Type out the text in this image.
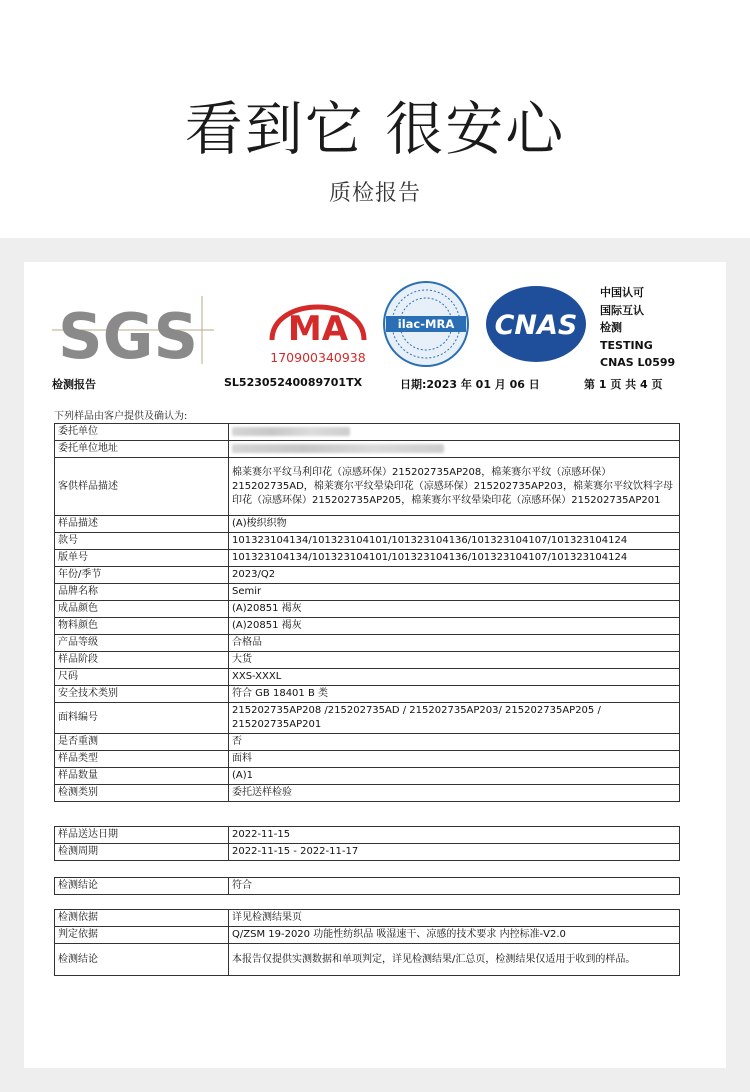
看到它 很安心
质检报告
SGS	MA
170900340938
ilac-MRA CNAS
中国认可
国际互认
检测
TESTING
CNAS L0599
检测报告	SL52305240089701TX	日期:2023 年 01 月 06 日	第 1 页 共 4 页
下列样品由客户提供及确认为:
委托单位	
委托单位地址	
客供样品描述	棉莱赛尔平纹马利印花（凉感环保）215202735AP208，棉莱赛尔平纹（凉感环保）215202735AD，棉莱赛尔平纹晕染印花（凉感环保）215202735AP203，棉莱赛尔平纹饮料字母印花（凉感环保）215202735AP205，棉莱赛尔平纹晕染印花（凉感环保）215202735AP201
样品描述	(A)梭织织物
款号	101323104134/101323104101/101323104136/101323104107/101323104124
版单号	101323104134/101323104101/101323104136/101323104107/101323104124
年份/季节	2023/Q2
品牌名称	Semir
成品颜色	(A)20851 褐灰
物料颜色	(A)20851 褐灰
产品等级	合格品
样品阶段	大货
尺码	XXS-XXXL
安全技术类别	符合 GB 18401 B 类
面料编号	215202735AP208 /215202735AD / 215202735AP203/ 215202735AP205 / 215202735AP201
是否重测	否
样品类型	面料
样品数量	(A)1
检测类别	委托送样检验
样品送达日期	2022-11-15
检测周期	2022-11-15 - 2022-11-17
检测结论	符合
检测依据	详见检测结果页
判定依据	Q/ZSM 19-2020 功能性纺织品 吸湿速干、凉感的技术要求 内控标准-V2.0
检测结论	本报告仅提供实测数据和单项判定，详见检测结果/汇总页，检测结果仅适用于收到的样品。
